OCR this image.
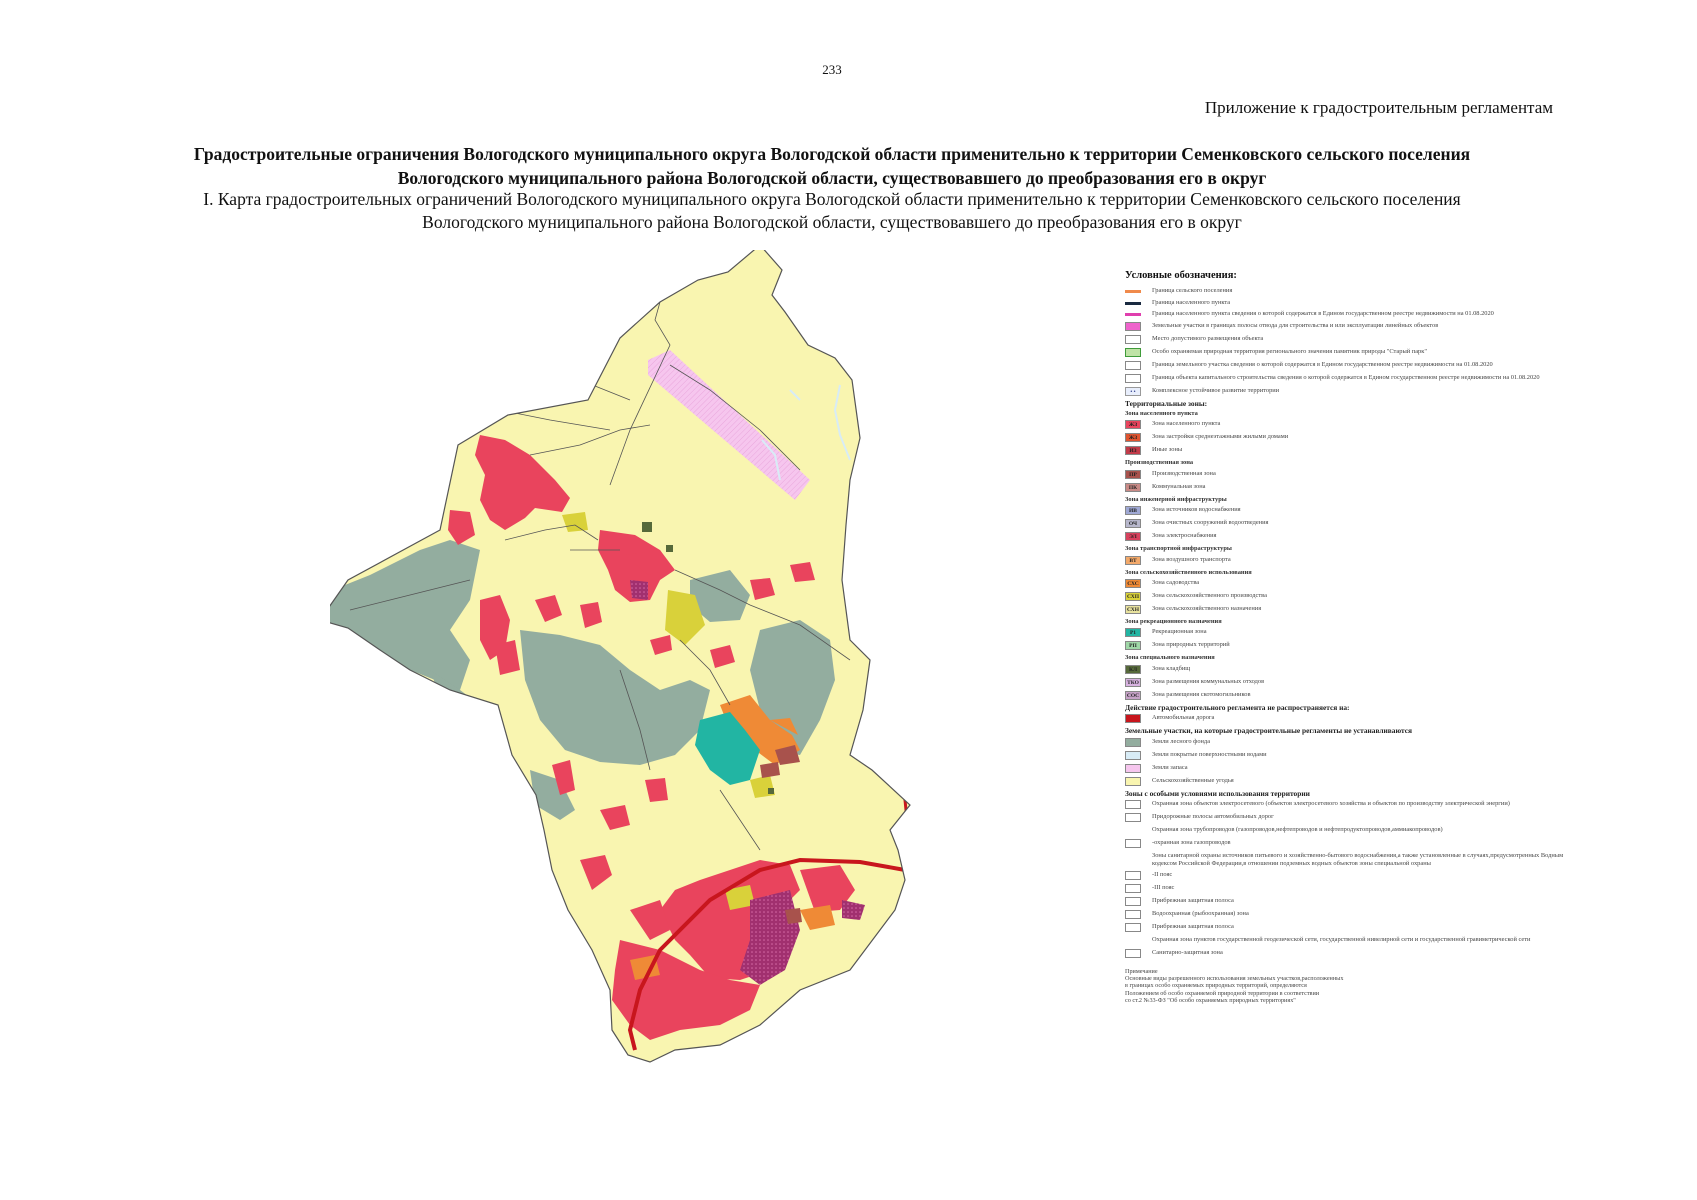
233
Приложение к градостроительным регламентам
Градостроительные ограничения Вологодского муниципального округа Вологодской области применительно к территории Семенковского сельского поселения
Вологодского муниципального района Вологодской области, существовавшего до преобразования его в округ
I. Карта градостроительных ограничений Вологодского муниципального округа Вологодской области применительно к территории Семенковского сельского поселения
Вологодского муниципального района Вологодской области, существовавшего до преобразования его в округ
Условные обозначения:
Граница сельского поселения
Граница населенного пункта
Граница населенного пункта сведения о которой содержатся в Едином государственном реестре недвижимости на 01.08.2020
Земельные участки в границах полосы отвода для строительства и или эксплуатации линейных объектов
Место допустимого размещения объекта
Особо охраняемая природная территория регионального значения памятник природы "Старый парк"
Граница земельного участка сведения о которой содержатся в Едином государственном реестре недвижимости на 01.08.2020
Граница объекта капитального строительства сведения о которой содержатся в Едином государственном реестре недвижимости на 01.08.2020
• •	Комплексное устойчивое развитие территории
Территориальные зоны:
Зона населенного пункта
ЖЗ	Зона населенного пункта
ЖЗ	Зона застройки среднеэтажными жилыми домами
ИЗ	Иные зоны
Производственная зона
ПР	Производственная зона
ПК	Коммунальная зона
Зона инженерной инфраструктуры
ИВ	Зона источников водоснабжения
ОЧ	Зона очистных сооружений водоотведения
ЭЛ	Зона электроснабжения
Зона транспортной инфраструктуры
ВТ	Зона воздушного транспорта
Зона сельскохозяйственного использования
СХС	Зона садоводства
СХП	Зона сельскохозяйственного производства
СХН	Зона сельскохозяйственного назначения
Зона рекреационного назначения
Р1	Рекреационная зона
РП	Зона природных территорий
Зона специального назначения
КЛ	Зона кладбищ
ТКО	Зона размещения коммунальных отходов
СОС Зона размещения скотомогильников
Действие градостроительного регламента не распространяется на:
Автомобильная дорога
Земельные участки, на которые градостроительные регламенты не устанавливаются
Земли лесного фонда
Земли покрытые поверхностными водами
Земли запаса
Сельскохозяйственные угодья
Зоны с особыми условиями использования территории
Охранная зона объектов электросетевого (объектов электросетевого хозяйства и объектов по производству электрической энергии)
Придорожные полосы автомобильных дорог
Охранная зона трубопроводов (газопроводов,нефтепроводов и нефтепродуктопроводов,аммиакопроводов)
-охранная зона газопроводов
Зоны санитарной охраны источников питьевого и хозяйственно-бытового водоснабжения,а также установленные в случаях,предусмотренных Водным кодексом Российской Федерации,в отношении подземных водных объектов зоны специальной охраны
-II пояс
-III пояс
Прибрежная защитная полоса
Водоохранная (рыбоохранная) зона
Прибрежная защитная полоса
Охранная зона пунктов государственной геодезической сети, государственной нивелирной сети и государственной гравиметрической сети
Санитарно-защитная зона
Примечание
Основные виды разрешенного использования земельных участков,расположенных
в границах особо охраняемых природных территорий, определяются
Положением об особо охраняемой природной территории в соответствии
со ст.2 №33-ФЗ "Об особо охраняемых природных территориях"
